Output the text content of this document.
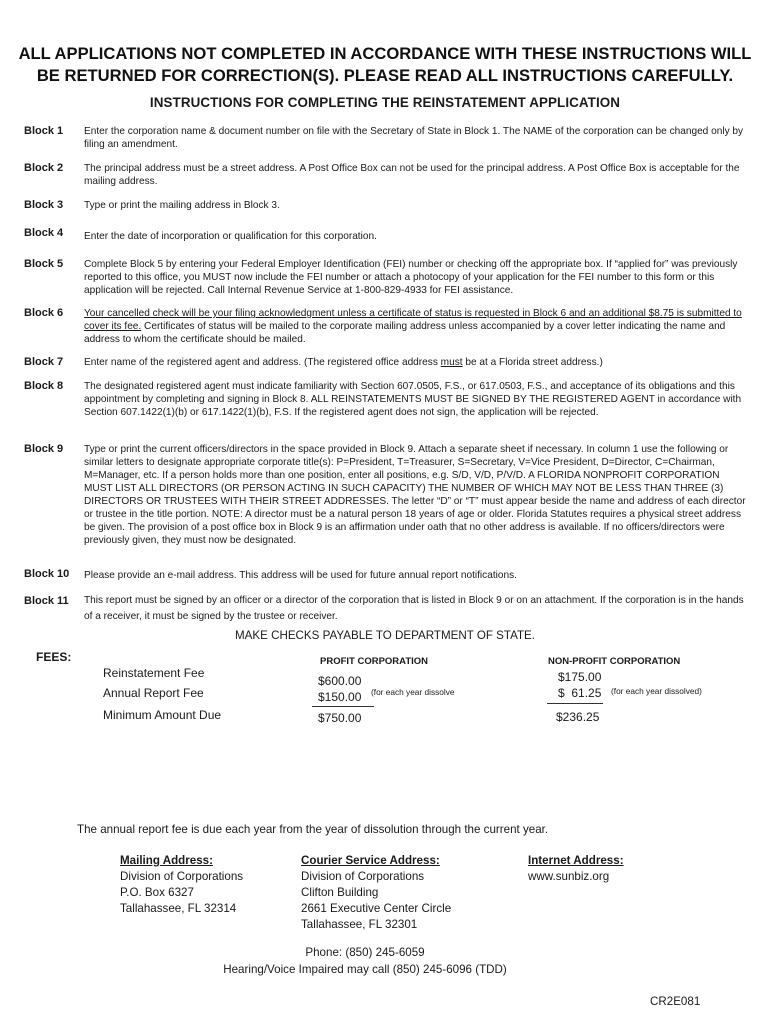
ALL APPLICATIONS NOT COMPLETED IN ACCORDANCE WITH THESE INSTRUCTIONS WILL
BE RETURNED FOR CORRECTION(S). PLEASE READ ALL INSTRUCTIONS CAREFULLY.
INSTRUCTIONS FOR COMPLETING THE REINSTATEMENT APPLICATION
Block 1 Enter the corporation name & document number on file with the Secretary of State in Block 1. The NAME of the corporation can be changed only by filing an amendment.
Block 2 The principal address must be a street address. A Post Office Box can not be used for the principal address. A Post Office Box is acceptable for the mailing address.
Block 3 Type or print the mailing address in Block 3.
Block 4 Enter the date of incorporation or qualification for this corporation.
Block 5 Complete Block 5 by entering your Federal Employer Identification (FEI) number or checking off the appropriate box. If “applied for” was previously reported to this office, you MUST now include the FEI number or attach a photocopy of your application for the FEI number to this form or this application will be rejected. Call Internal Revenue Service at 1-800-829-4933 for FEI assistance.
Block 6 Your cancelled check will be your filing acknowledgment unless a certificate of status is requested in Block 6 and an additional $8.75 is submitted to cover its fee. Certificates of status will be mailed to the corporate mailing address unless accompanied by a cover letter indicating the name and address to whom the certificate should be mailed.
Block 7 Enter name of the registered agent and address. (The registered office address must be at a Florida street address.)
Block 8 The designated registered agent must indicate familiarity with Section 607.0505, F.S., or 617.0503, F.S., and acceptance of its obligations and this appointment by completing and signing in Block 8. ALL REINSTATEMENTS MUST BE SIGNED BY THE REGISTERED AGENT in accordance with Section 607.1422(1)(b) or 617.1422(1)(b), F.S. If the registered agent does not sign, the application will be rejected.
Block 9 Type or print the current officers/directors in the space provided in Block 9. Attach a separate sheet if necessary. In column 1 use the following or similar letters to designate appropriate corporate title(s): P=President, T=Treasurer, S=Secretary, V=Vice President, D=Director, C=Chairman, M=Manager, etc. If a person holds more than one position, enter all positions, e.g. S/D, V/D, P/V/D. A FLORIDA NONPROFIT CORPORATION MUST LIST ALL DIRECTORS (OR PERSON ACTING IN SUCH CAPACITY) THE NUMBER OF WHICH MAY NOT BE LESS THAN THREE (3) DIRECTORS OR TRUSTEES WITH THEIR STREET ADDRESSES. The letter “D” or “T” must appear beside the name and address of each director or trustee in the title portion. NOTE: A director must be a natural person 18 years of age or older. Florida Statutes requires a physical street address be given. The provision of a post office box in Block 9 is an affirmation under oath that no other address is available. If no officers/directors were previously given, they must now be designated.
Block 10 Please provide an e-mail address. This address will be used for future annual report notifications.
Block 11 This report must be signed by an officer or a director of the corporation that is listed in Block 9 or on an attachment. If the corporation is in the hands of a receiver, it must be signed by the trustee or receiver.
MAKE CHECKS PAYABLE TO DEPARTMENT OF STATE.
FEES:
Reinstatement Fee
Annual Report Fee
Minimum Amount Due
PROFIT CORPORATION
$600.00
$150.00 (for each year dissolve
$750.00
NON-PROFIT CORPORATION
$175.00
$  61.25 (for each year dissolved)
$236.25
The annual report fee is due each year from the year of dissolution through the current year.
Mailing Address:
Division of Corporations
P.O. Box 6327
Tallahassee, FL 32314
Courier Service Address:
Division of Corporations
Clifton Building
2661 Executive Center Circle
Tallahassee, FL 32301
Internet Address:
www.sunbiz.org
Phone: (850) 245-6059
Hearing/Voice Impaired may call (850) 245-6096 (TDD)
CR2E081
